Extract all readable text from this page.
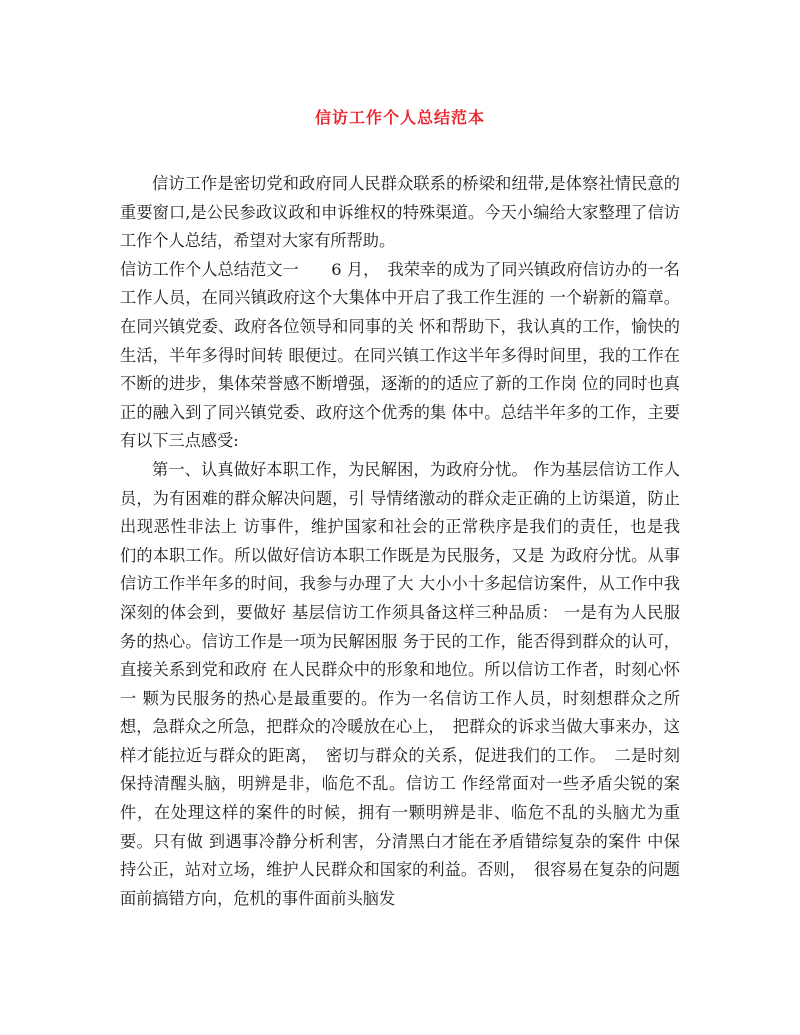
信访工作个人总结范本

信访工作是密切党和政府同人民群众联系的桥梁和纽带,是体察社情民意的重要窗口,是公民参政议政和申诉维权的特殊渠道。今天小编给大家整理了信访工作个人总结，希望对大家有所帮助。

信访工作个人总结范文一　　6 月，　我荣幸的成为了同兴镇政府信访办的一名工作人员，在同兴镇政府这个大集体中开启了我工作生涯的 一个崭新的篇章。在同兴镇党委、政府各位领导和同事的关 怀和帮助下，我认真的工作，愉快的生活，半年多得时间转 眼便过。在同兴镇工作这半年多得时间里，我的工作在不断的进步，集体荣誉感不断增强，逐渐的的适应了新的工作岗 位的同时也真正的融入到了同兴镇党委、政府这个优秀的集 体中。总结半年多的工作，主要有以下三点感受:

第一、认真做好本职工作，为民解困，为政府分忧。 作为基层信访工作人员，为有困难的群众解决问题，引 导情绪激动的群众走正确的上访渠道，防止出现恶性非法上 访事件，维护国家和社会的正常秩序是我们的责任，也是我 们的本职工作。所以做好信访本职工作既是为民服务，又是 为政府分忧。从事信访工作半年多的时间，我参与办理了大 大小小十多起信访案件，从工作中我深刻的体会到，要做好 基层信访工作须具备这样三种品质： 一是有为人民服务的热心。信访工作是一项为民解困服 务于民的工作，能否得到群众的认可，直接关系到党和政府 在人民群众中的形象和地位。所以信访工作者，时刻心怀一 颗为民服务的热心是最重要的。作为一名信访工作人员，时刻想群众之所想，急群众之所急，把群众的冷暖放在心上，　把群众的诉求当做大事来办，这样才能拉近与群众的距离，　密切与群众的关系，促进我们的工作。　二是时刻保持清醒头脑，明辨是非，临危不乱。信访工 作经常面对一些矛盾尖锐的案件，在处理这样的案件的时候，拥有一颗明辨是非、临危不乱的头脑尤为重要。只有做 到遇事冷静分析利害，分清黑白才能在矛盾错综复杂的案件 中保持公正，站对立场，维护人民群众和国家的利益。否则，　很容易在复杂的问题面前搞错方向，危机的事件面前头脑发
